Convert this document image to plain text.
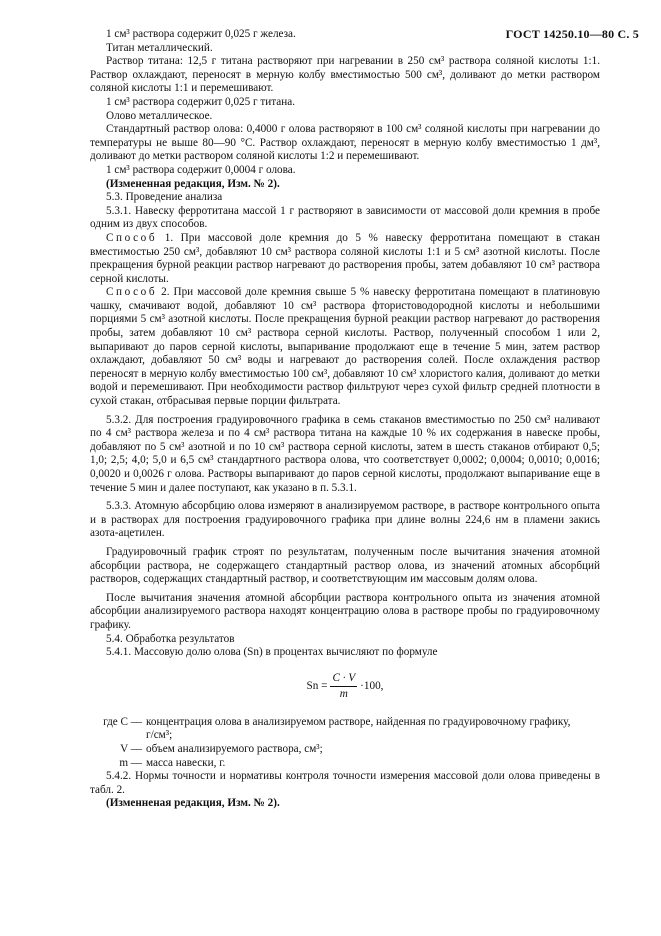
ГОСТ 14250.10—80 С. 5

1 см³ раствора содержит 0,025 г железа.

Титан металлический.

Раствор титана: 12,5 г титана растворяют при нагревании в 250 см³ раствора соляной кислоты 1:1. Раствор охлаждают, переносят в мерную колбу вместимостью 500 см³, доливают до метки раствором соляной кислоты 1:1 и перемешивают.

1 см³ раствора содержит 0,025 г титана.

Олово металлическое.

Стандартный раствор олова: 0,4000 г олова растворяют в 100 см³ соляной кислоты при нагревании до температуры не выше 80—90 °С. Раствор охлаждают, переносят в мерную колбу вместимостью 1 дм³, доливают до метки раствором соляной кислоты 1:2 и перемешивают.

1 см³ раствора содержит 0,0004 г олова.

(Измененная редакция, Изм. № 2).

5.3. Проведение анализа

5.3.1. Навеску ферротитана массой 1 г растворяют в зависимости от массовой доли кремния в пробе одним из двух способов.

Способ 1. При массовой доле кремния до 5 % навеску ферротитана помещают в стакан вместимостью 250 см³, добавляют 10 см³ раствора соляной кислоты 1:1 и 5 см³ азотной кислоты. После прекращения бурной реакции раствор нагревают до растворения пробы, затем добавляют 10 см³ раствора серной кислоты.

Способ 2. При массовой доле кремния свыше 5 % навеску ферротитана помещают в платиновую чашку, смачивают водой, добавляют 10 см³ раствора фтористоводородной кислоты и небольшими порциями 5 см³ азотной кислоты. После прекращения бурной реакции раствор нагревают до растворения пробы, затем добавляют 10 см³ раствора серной кислоты. Раствор, полученный способом 1 или 2, выпаривают до паров серной кислоты, выпаривание продолжают еще в течение 5 мин, затем раствор охлаждают, добавляют 50 см³ воды и нагревают до растворения солей. После охлаждения раствор переносят в мерную колбу вместимостью 100 см³, добавляют 10 см³ хлористого калия, доливают до метки водой и перемешивают. При необходимости раствор фильтруют через сухой фильтр средней плотности в сухой стакан, отбрасывая первые порции фильтрата.

5.3.2. Для построения градуировочного графика в семь стаканов вместимостью по 250 см³ наливают по 4 см³ раствора железа и по 4 см³ раствора титана на каждые 10 % их содержания в навеске пробы, добавляют по 5 см³ азотной и по 10 см³ раствора серной кислоты, затем в шесть стаканов отбирают 0,5; 1,0; 2,5; 4,0; 5,0 и 6,5 см³ стандартного раствора олова, что соответствует 0,0002; 0,0004; 0,0010; 0,0016; 0,0020 и 0,0026 г олова. Растворы выпаривают до паров серной кислоты, продолжают выпаривание еще в течение 5 мин и далее поступают, как указано в п. 5.3.1.

5.3.3. Атомную абсорбцию олова измеряют в анализируемом растворе, в растворе контрольного опыта и в растворах для построения градуировочного графика при длине волны 224,6 нм в пламени закись азота-ацетилен.

Градуировочный график строят по результатам, полученным после вычитания значения атомной абсорбции раствора, не содержащего стандартный раствор олова, из значений атомных абсорбций растворов, содержащих стандартный раствор, и соответствующим им массовым долям олова.

После вычитания значения атомной абсорбции раствора контрольного опыта из значения атомной абсорбции анализируемого раствора находят концентрацию олова в растворе пробы по градуировочному графику.

5.4. Обработка результатов

5.4.1. Массовую долю олова (Sn) в процентах вычисляют по формуле

$Sn = \frac{C \cdot V}{m} \cdot 100$,
где C — концентрация олова в анализируемом растворе, найденная по градуировочному графику,
г/см³;
V — объем анализируемого раствора, см³;
m — масса навески, г.

5.4.2. Нормы точности и нормативы контроля точности измерения массовой доли олова приведены в табл. 2.

(Изменненая редакция, Изм. № 2).
